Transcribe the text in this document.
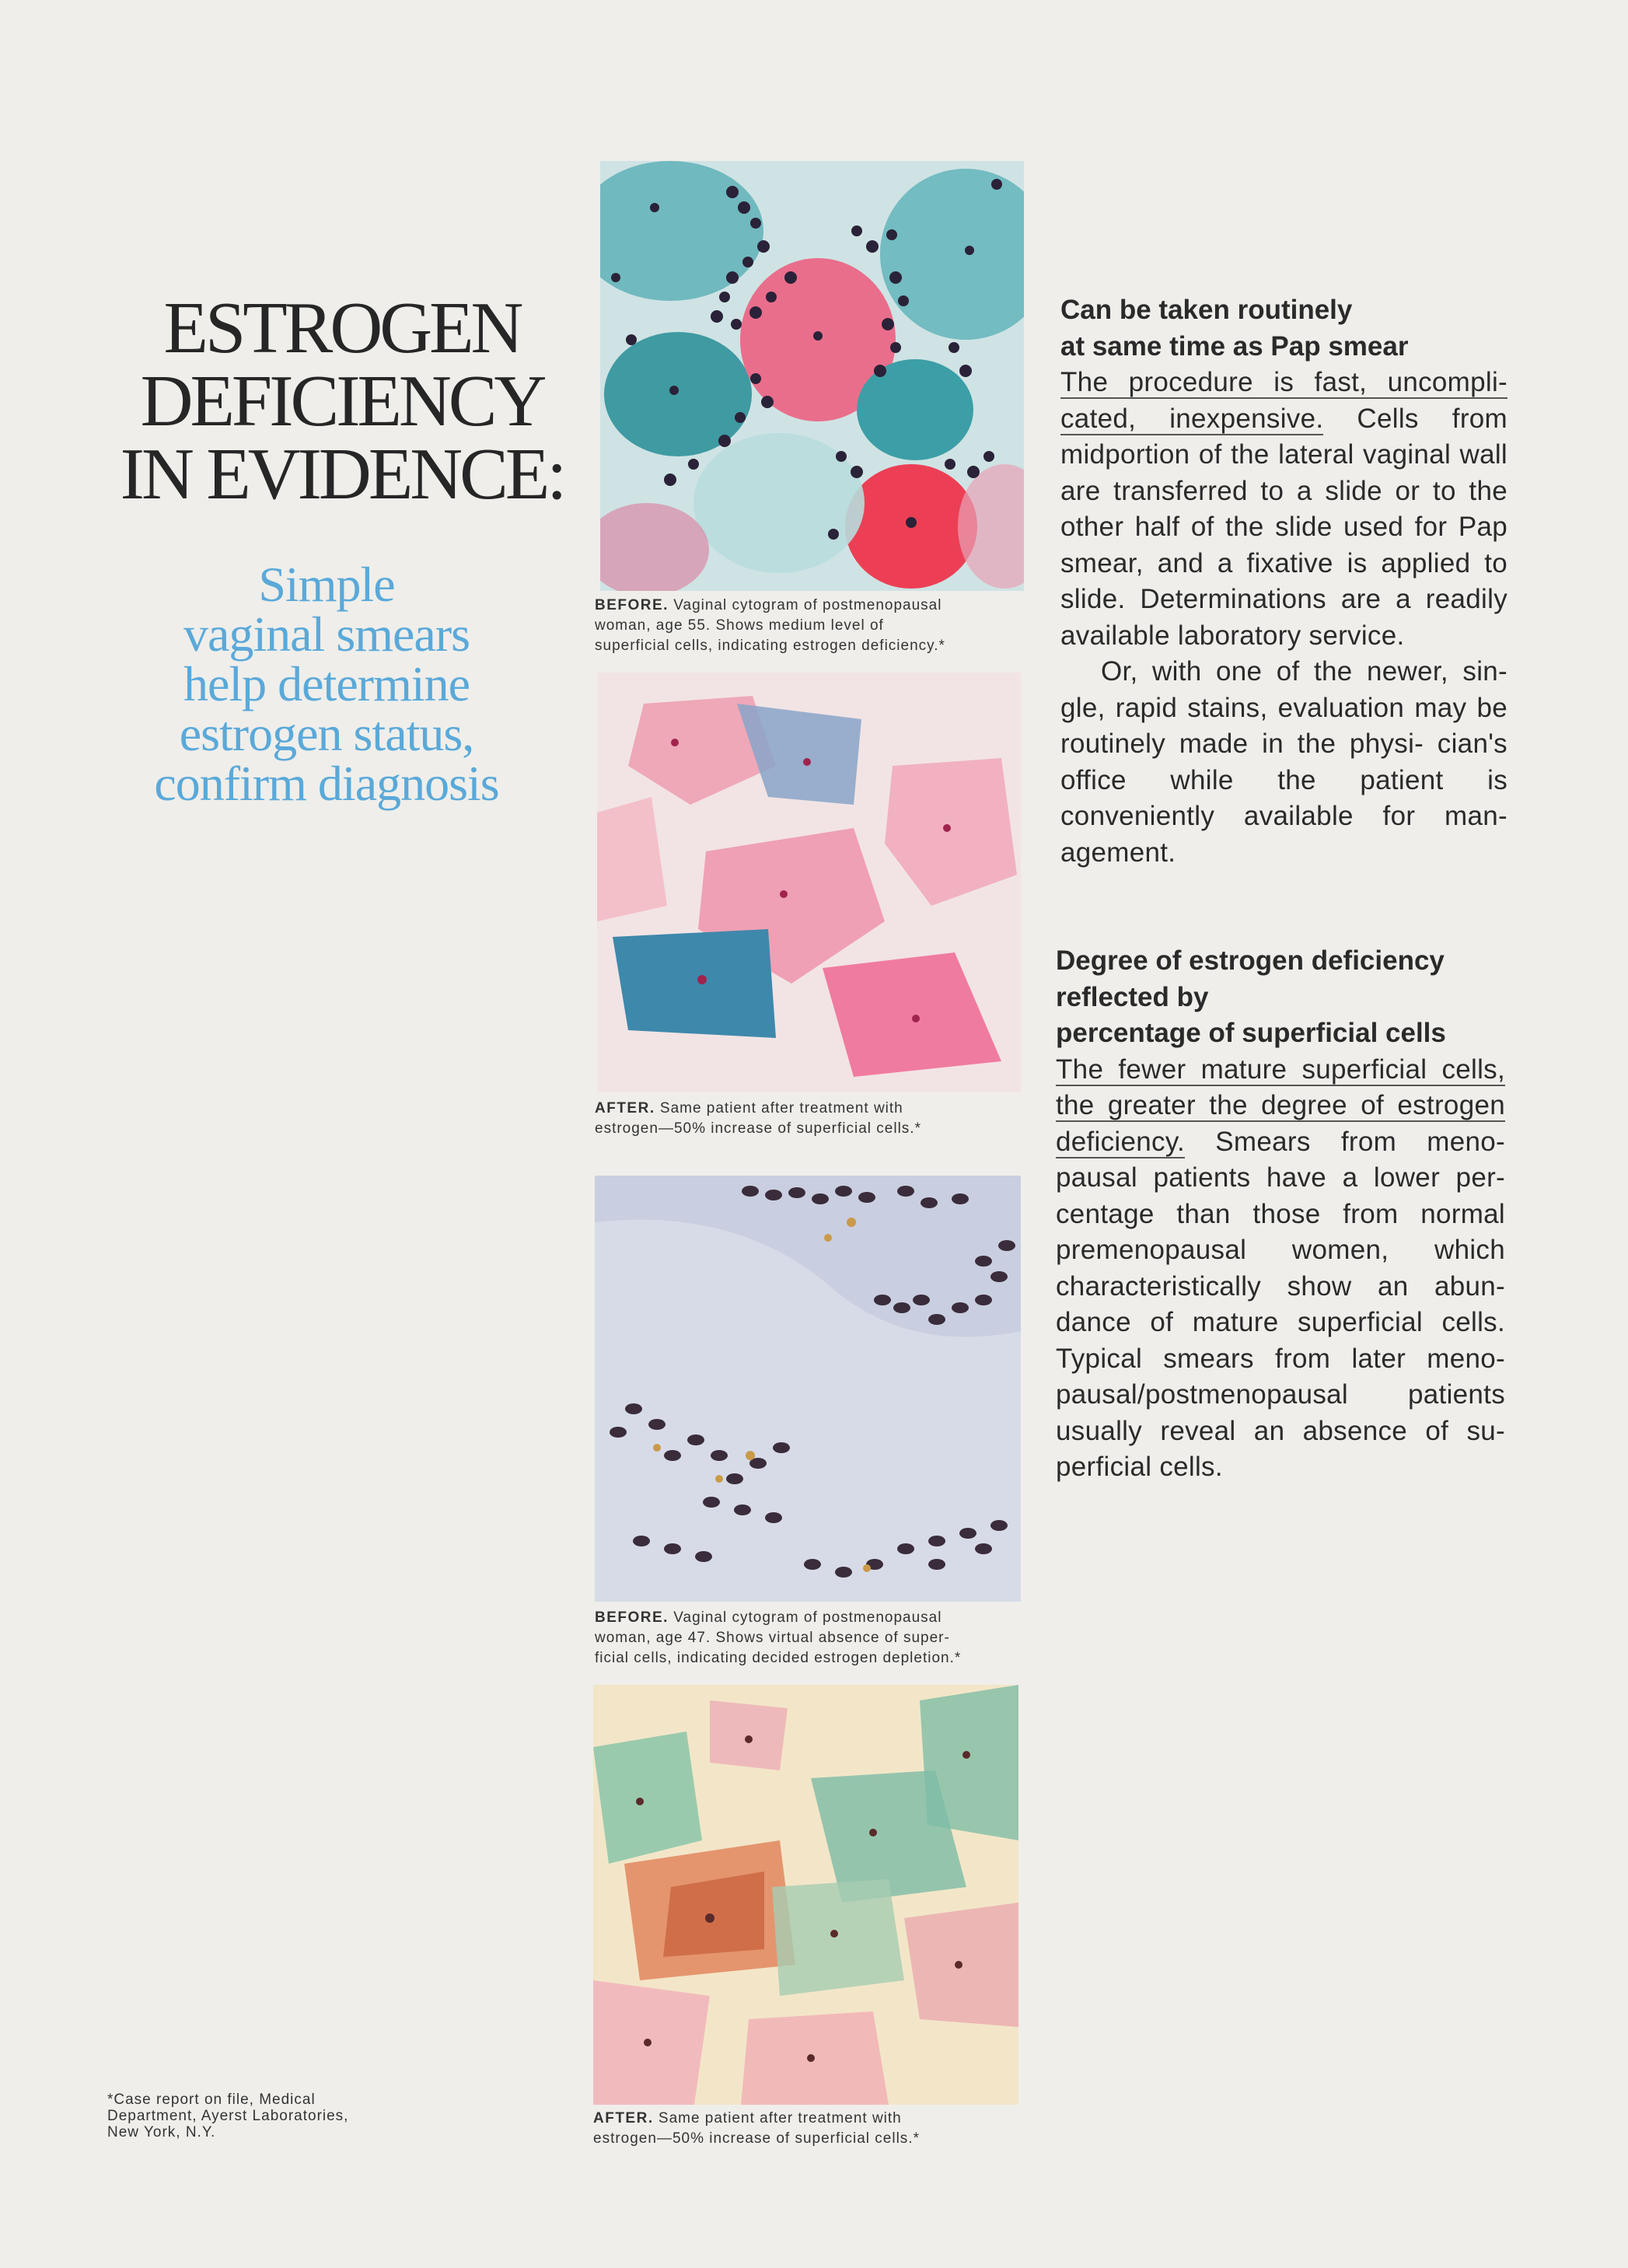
ESTROGEN
DEFICIENCY
IN EVIDENCE:
Simple
vaginal smears
help determine
estrogen status,
confirm diagnosis
BEFORE. Vaginal cytogram of postmenopausal
woman, age 55. Shows medium level of
superficial cells, indicating estrogen deficiency.*
AFTER. Same patient after treatment with
estrogen—50% increase of superficial cells.*
BEFORE. Vaginal cytogram of postmenopausal
woman, age 47. Shows virtual absence of super-
ficial cells, indicating decided estrogen depletion.*
AFTER. Same patient after treatment with
estrogen—50% increase of superficial cells.*
Can be taken routinely
at same time as Pap smear

The procedure is fast, uncompli- cated, inexpensive. Cells from midportion of the lateral vaginal wall are transferred to a slide or to the other half of the slide used for Pap smear, and a fixative is applied to slide. Determinations are a readily available laboratory service.

Or, with one of the newer, sin- gle, rapid stains, evaluation may be routinely made in the physi- cian's office while the patient is conveniently available for man- agement.

Degree of estrogen deficiency
reflected by
percentage of superficial cells

The fewer mature superficial cells, the greater the degree of estrogen deficiency. Smears from meno- pausal patients have a lower per- centage than those from normal premenopausal women, which characteristically show an abun- dance of mature superficial cells. Typical smears from later meno- pausal/postmenopausal patients usually reveal an absence of su- perficial cells.

*Case report on file, Medical
Department, Ayerst Laboratories,
New York, N.Y.
